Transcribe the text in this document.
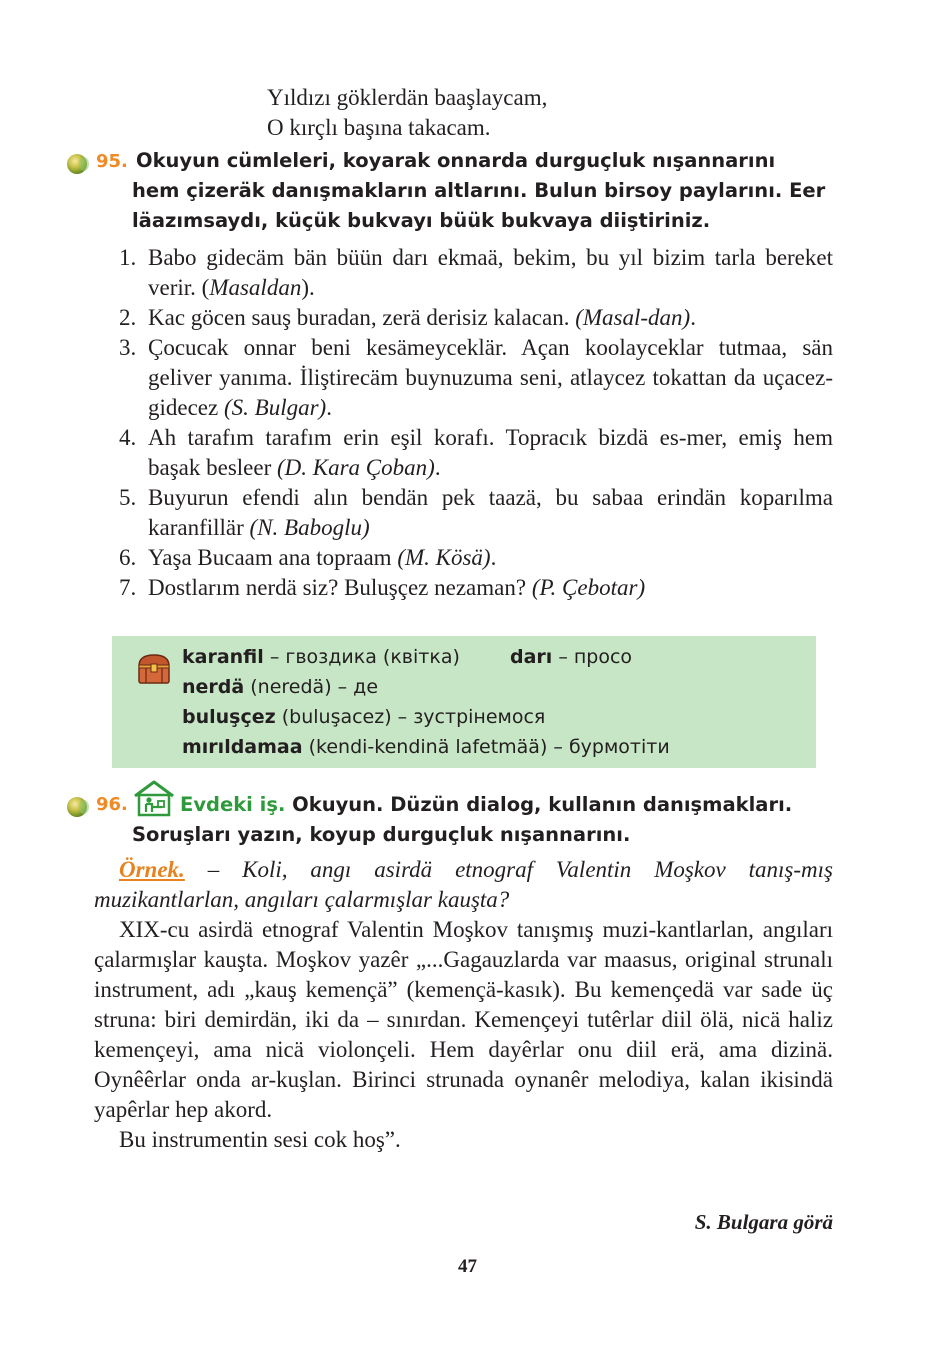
Yıldızı göklerdän baaşlaycam,
O kırçlı başına takacam.
95. Okuyun cümleleri, koyarak onnarda durguçluk nışannarını
hem çizeräk danışmakların altlarını. Bulun birsoy paylarını. Eer
läazımsaydı, küçük bukvayı büük bukvaya diiştiriniz.
1. Babo gidecäm bän büün darı ekmaä, bekim, bu yıl bizim tarla bereket verir. (Masaldan).
2. Kac göcen sauş buradan, zerä derisiz kalacan. (Masal-dan).
3. Çocucak onnar beni kesämeyceklär. Açan koolayceklar tutmaa, sän geliver yanıma. İliştirecäm buynuzuma seni, atlaycez tokattan da uçacez-gidecez (S. Bulgar).
4. Ah tarafım tarafım erin eşil korafı. Topracık bizdä es-mer, emiş hem başak besleer (D. Kara Çoban).
5. Buyurun efendi alın bendän pek taazä, bu sabaa erindän koparılma karanfillär (N. Baboglu)
6. Yaşa Bucaam ana topraam (M. Kösä).
7. Dostlarım nerdä siz? Buluşçez nezaman? (P. Çebotar)
karanfil – гвоздика (квітка)	darı – просо
nerdä (neredä) – де
buluşçez (buluşacez) – зустрінемося
mırıldamaa (kendi-kendinä lafetmää) – бурмотіти
96.	Evdeki iş. Okuyun. Düzün dialog, kullanın danışmakları.
Soruşları yazın, koyup durguçluk nışannarını.
Örnek. – Koli, angı asirdä etnograf Valentin Moşkov tanış-mış muzikantlarlan, angıları çalarmışlar kauşta?
XIX-cu asirdä etnograf Valentin Moşkov tanışmış muzi-kantlarlan, angıları çalarmışlar kauşta. Moşkov yazêr „...Gagauzlarda var maasus, original strunalı instrument, adı „kauş kemençä” (kemençä-kasık). Bu kemençedä var sade üç struna: biri demirdän, iki da – sınırdan. Kemençeyi tutêrlar diil ölä, nicä haliz kemençeyi, ama nicä violonçeli. Hem dayêrlar onu diil erä, ama dizinä. Oynêêrlar onda ar-kuşlan. Birinci strunada oynanêr melodiya, kalan ikisindä yapêrlar hep akord.
Bu instrumentin sesi cok hoş”.
S. Bulgara görä
47
